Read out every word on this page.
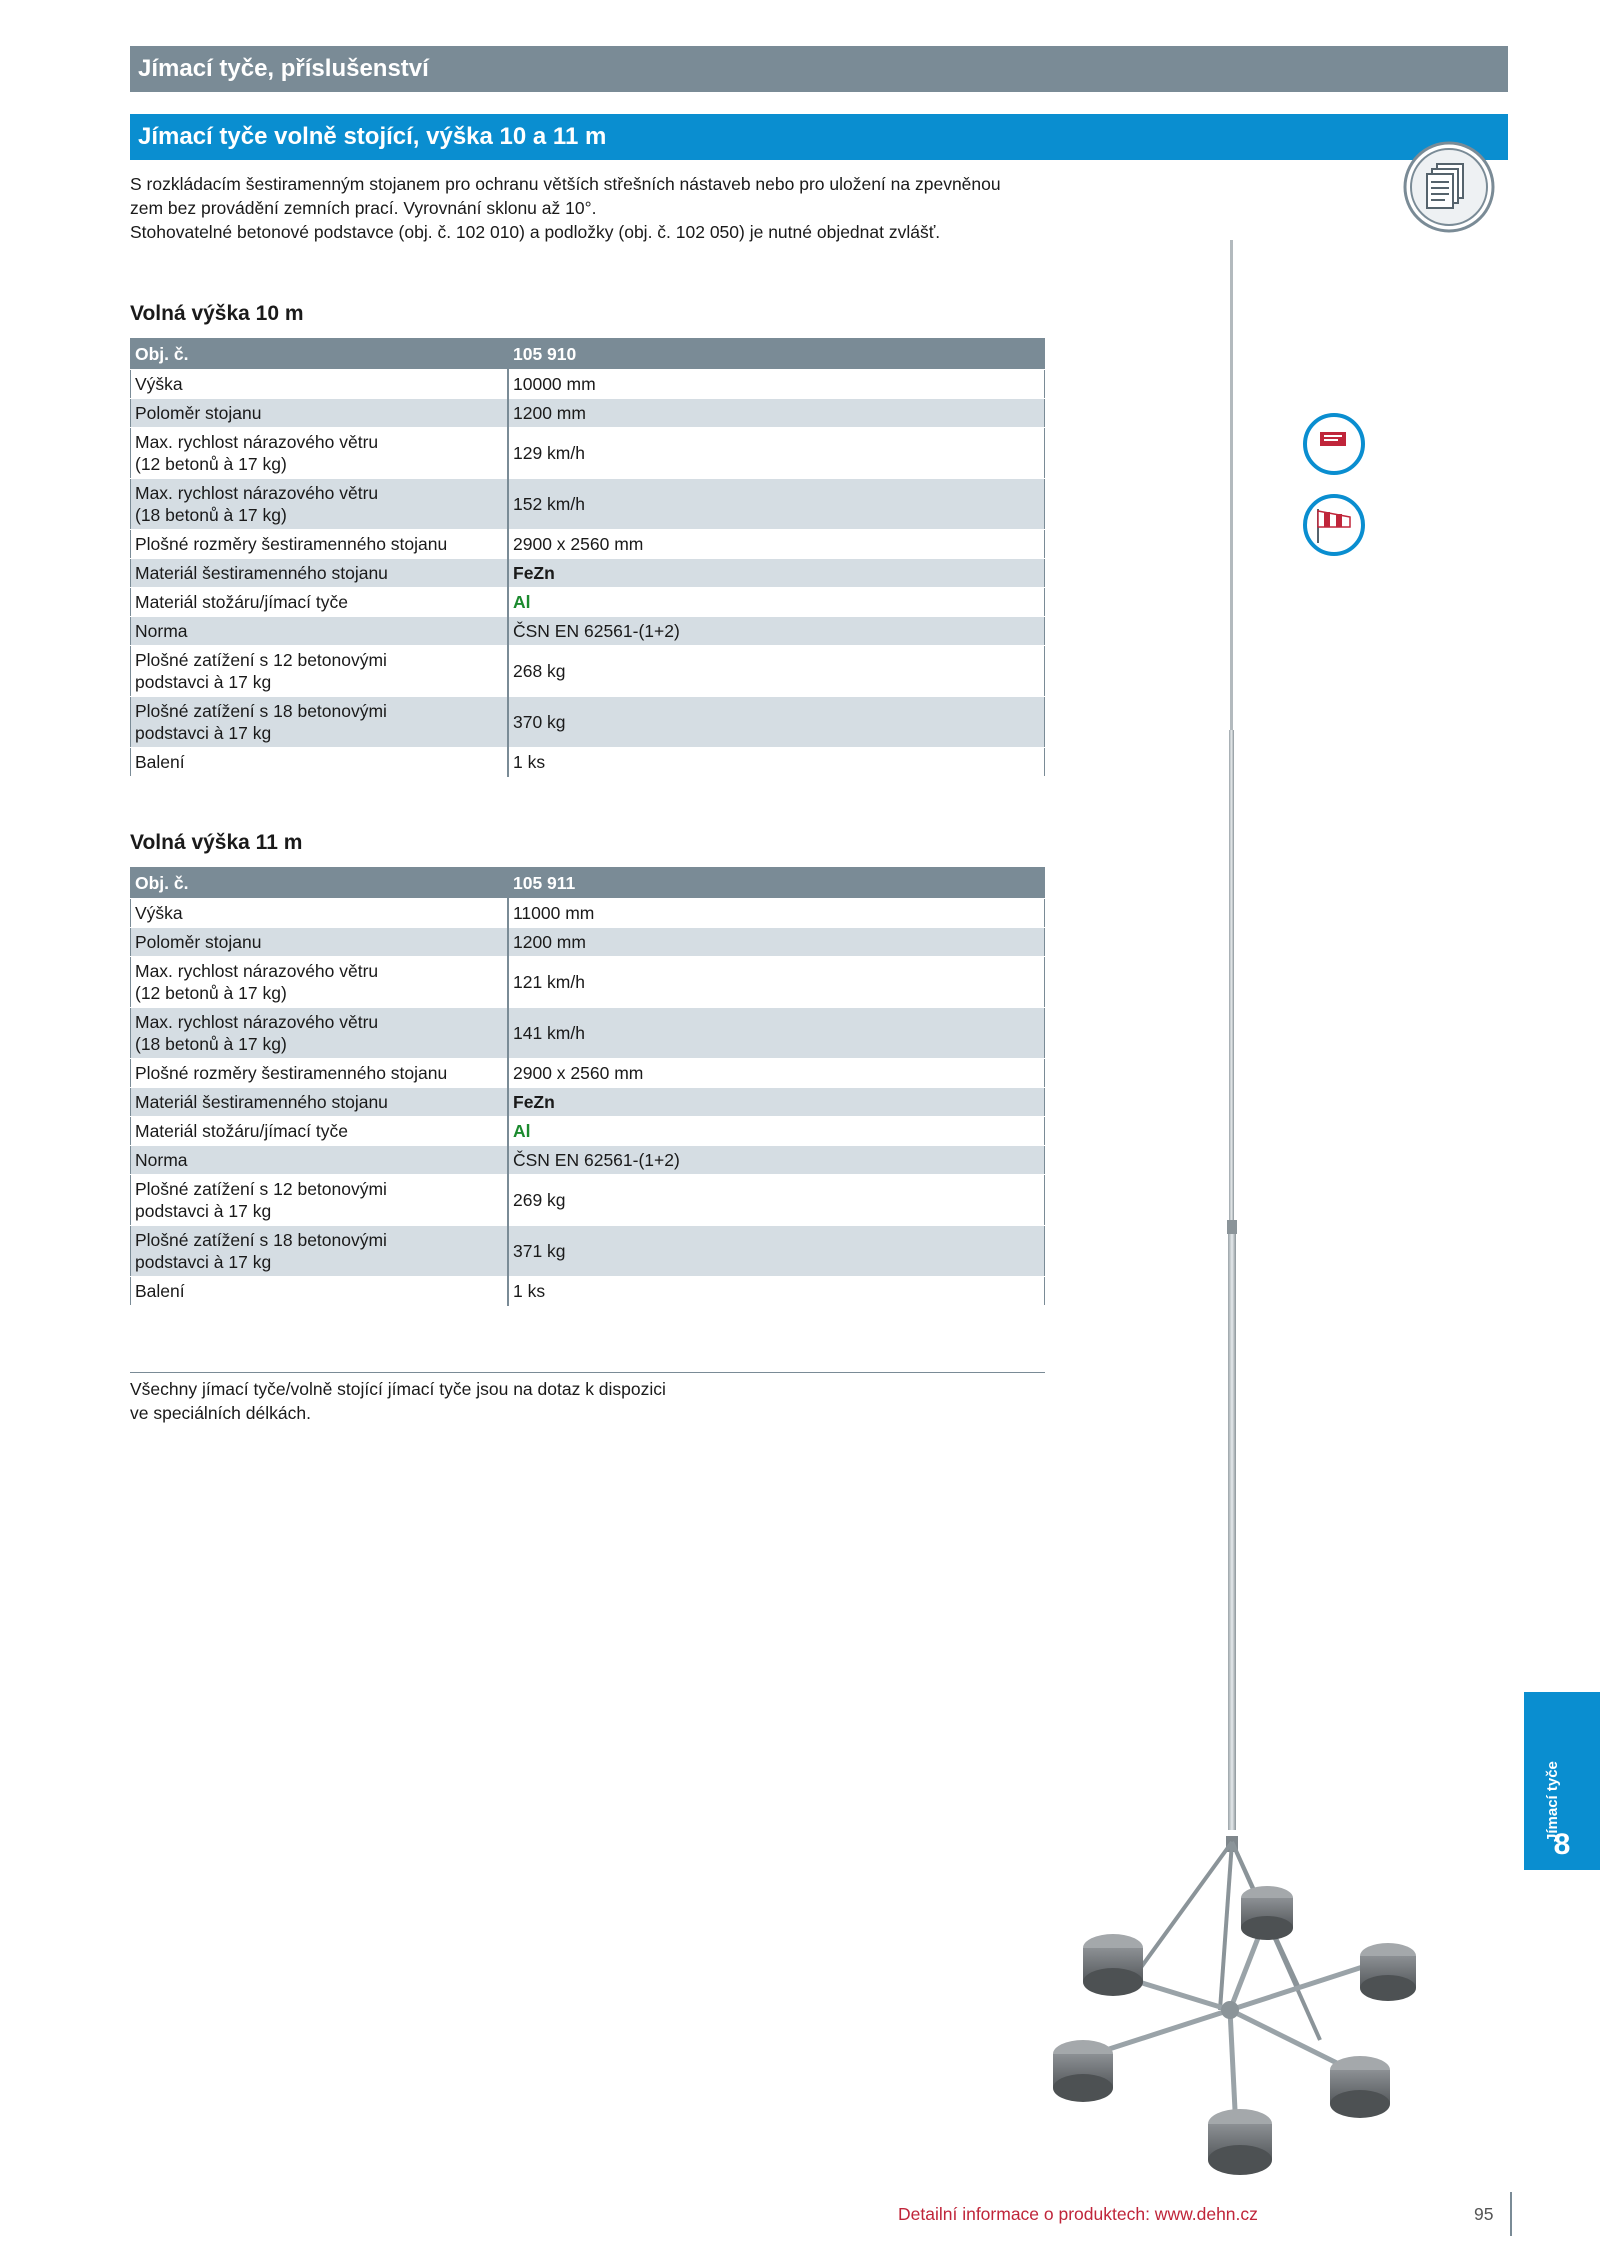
Jímací tyče, příslušenství
Jímací tyče volně stojící, výška 10 a 11 m

S rozkládacím šestiramenným stojanem pro ochranu větších střešních nástaveb nebo pro uložení na zpevněnou

zem bez provádění zemních prací. Vyrovnání sklonu až 10°.

Stohovatelné betonové podstavce (obj. č. 102 010) a podložky (obj. č. 102 050) je nutné objednat zvlášť.

Volná výška 10 m
Obj. č.	105 910

Výška	10000 mm

Poloměr stojanu	1200 mm

Max. rychlost nárazového větru
(12 betonů à 17 kg)	129 km/h

Max. rychlost nárazového větru
(18 betonů à 17 kg)	152 km/h

Plošné rozměry šestiramenného stojanu	2900 x 2560 mm

Materiál šestiramenného stojanu	FeZn

Materiál stožáru/jímací tyče	Al

Norma	ČSN EN 62561-(1+2)

Plošné zatížení s 12 betonovými
podstavci à 17 kg	268 kg

Plošné zatížení s 18 betonovými
podstavci à 17 kg	370 kg

Balení	1 ks
Volná výška 11 m
Obj. č.	105 911

Výška	11000 mm

Poloměr stojanu	1200 mm

Max. rychlost nárazového větru
(12 betonů à 17 kg)	121 km/h

Max. rychlost nárazového větru
(18 betonů à 17 kg)	141 km/h

Plošné rozměry šestiramenného stojanu	2900 x 2560 mm

Materiál šestiramenného stojanu	FeZn

Materiál stožáru/jímací tyče	Al

Norma	ČSN EN 62561-(1+2)

Plošné zatížení s 12 betonovými
podstavci à 17 kg	269 kg

Plošné zatížení s 18 betonovými
podstavci à 17 kg	371 kg

Balení	1 ks
Všechny jímací tyče/volně stojící jímací tyče jsou na dotaz k dispozici
ve speciálních délkách.
Jímací tyče
8
Detailní informace o produktech: www.dehn.cz	95
